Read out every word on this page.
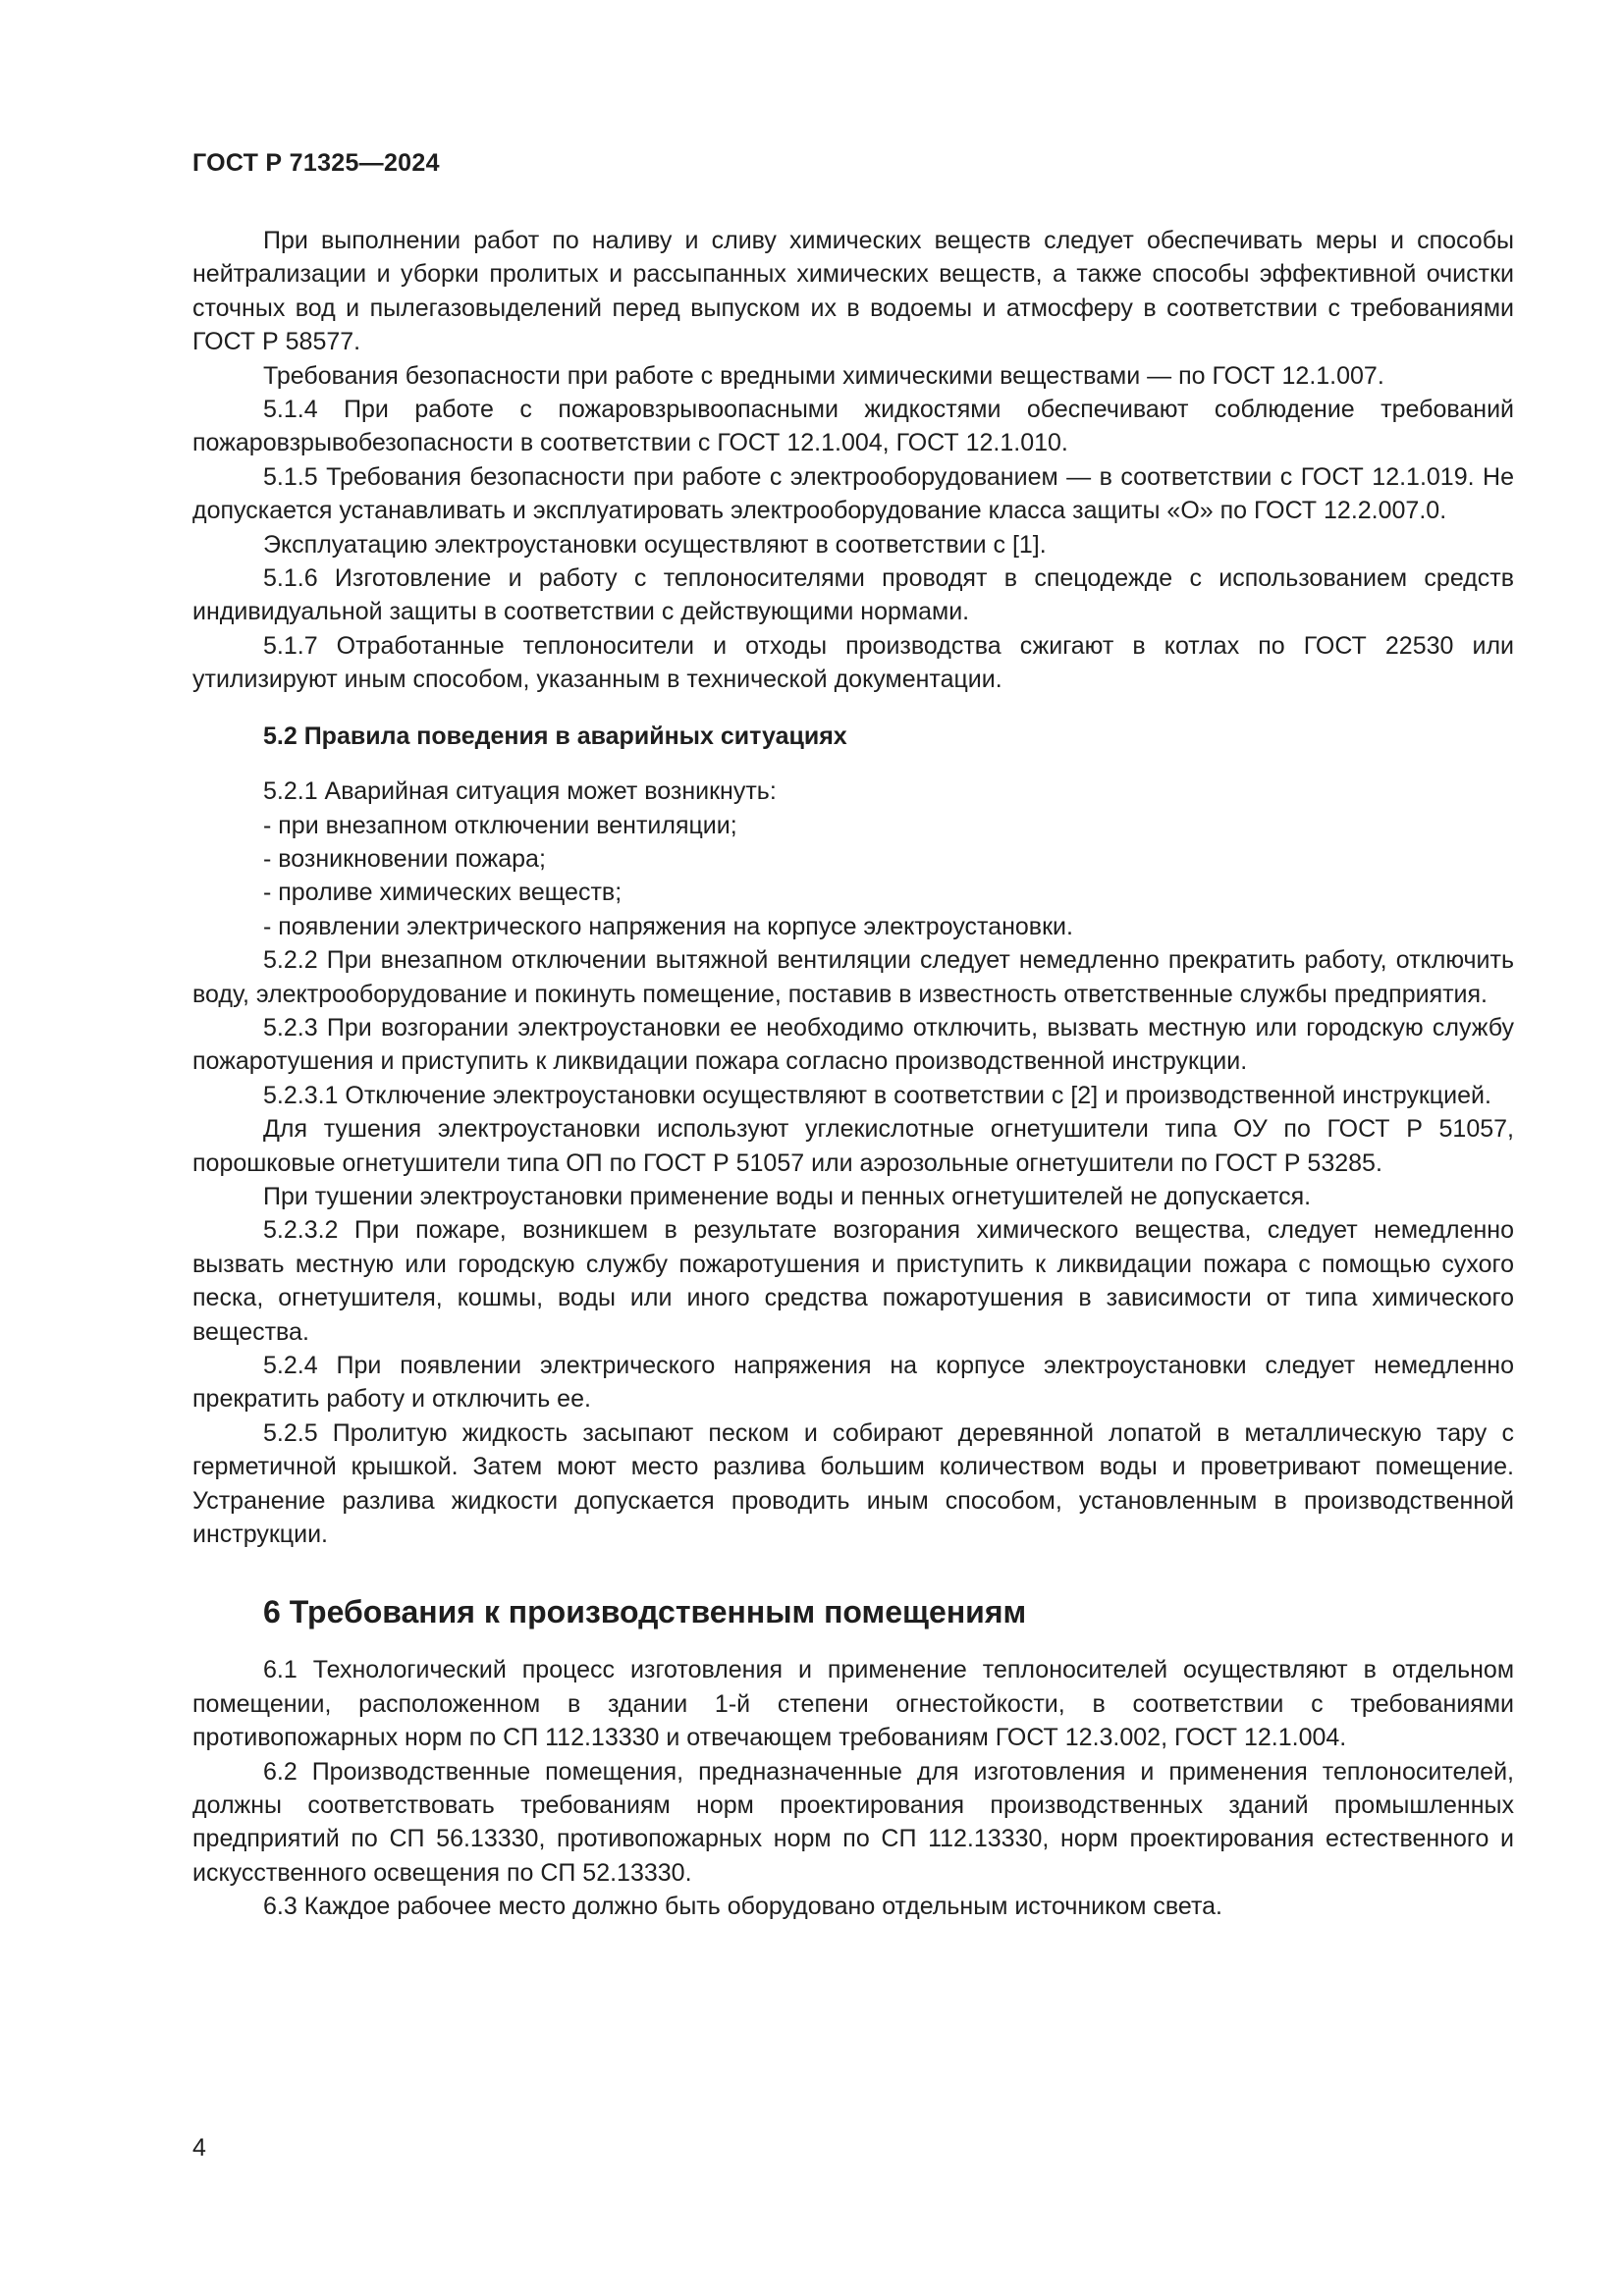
ГОСТ Р 71325—2024

При выполнении работ по наливу и сливу химических веществ следует обеспечивать меры и способы нейтрализации и уборки пролитых и рассыпанных химических веществ, а также способы эффективной очистки сточных вод и пылегазовыделений перед выпуском их в водоемы и атмосферу в соответствии с требованиями ГОСТ Р 58577.

Требования безопасности при работе с вредными химическими веществами — по ГОСТ 12.1.007.

5.1.4 При работе с пожаровзрывоопасными жидкостями обеспечивают соблюдение требований пожаровзрывобезопасности в соответствии с ГОСТ 12.1.004, ГОСТ 12.1.010.

5.1.5 Требования безопасности при работе с электрооборудованием — в соответствии с ГОСТ 12.1.019. Не допускается устанавливать и эксплуатировать электрооборудование класса защиты «О» по ГОСТ 12.2.007.0.

Эксплуатацию электроустановки осуществляют в соответствии с [1].

5.1.6 Изготовление и работу с теплоносителями проводят в спецодежде с использованием средств индивидуальной защиты в соответствии с действующими нормами.

5.1.7 Отработанные теплоносители и отходы производства сжигают в котлах по ГОСТ 22530 или утилизируют иным способом, указанным в технической документации.

5.2 Правила поведения в аварийных ситуациях

5.2.1 Аварийная ситуация может возникнуть:

- при внезапном отключении вентиляции;

- возникновении пожара;

- проливе химических веществ;

- появлении электрического напряжения на корпусе электроустановки.

5.2.2 При внезапном отключении вытяжной вентиляции следует немедленно прекратить работу, отключить воду, электрооборудование и покинуть помещение, поставив в известность ответственные службы предприятия.

5.2.3 При возгорании электроустановки ее необходимо отключить, вызвать местную или городскую службу пожаротушения и приступить к ликвидации пожара согласно производственной инструкции.

5.2.3.1 Отключение электроустановки осуществляют в соответствии с [2] и производственной инструкцией.

Для тушения электроустановки используют углекислотные огнетушители типа ОУ по ГОСТ Р 51057, порошковые огнетушители типа ОП по ГОСТ Р 51057 или аэрозольные огнетушители по ГОСТ Р 53285.

При тушении электроустановки применение воды и пенных огнетушителей не допускается.

5.2.3.2 При пожаре, возникшем в результате возгорания химического вещества, следует немедленно вызвать местную или городскую службу пожаротушения и приступить к ликвидации пожара с помощью сухого песка, огнетушителя, кошмы, воды или иного средства пожаротушения в зависимости от типа химического вещества.

5.2.4 При появлении электрического напряжения на корпусе электроустановки следует немедленно прекратить работу и отключить ее.

5.2.5 Пролитую жидкость засыпают песком и собирают деревянной лопатой в металлическую тару с герметичной крышкой. Затем моют место разлива большим количеством воды и проветривают помещение. Устранение разлива жидкости допускается проводить иным способом, установленным в производственной инструкции.

6 Требования к производственным помещениям

6.1 Технологический процесс изготовления и применение теплоносителей осуществляют в отдельном помещении, расположенном в здании 1-й степени огнестойкости, в соответствии с требованиями противопожарных норм по СП 112.13330 и отвечающем требованиям ГОСТ 12.3.002, ГОСТ 12.1.004.

6.2 Производственные помещения, предназначенные для изготовления и применения теплоносителей, должны соответствовать требованиям норм проектирования производственных зданий промышленных предприятий по СП 56.13330, противопожарных норм по СП 112.13330, норм проектирования естественного и искусственного освещения по СП 52.13330.

6.3 Каждое рабочее место должно быть оборудовано отдельным источником света.

4
